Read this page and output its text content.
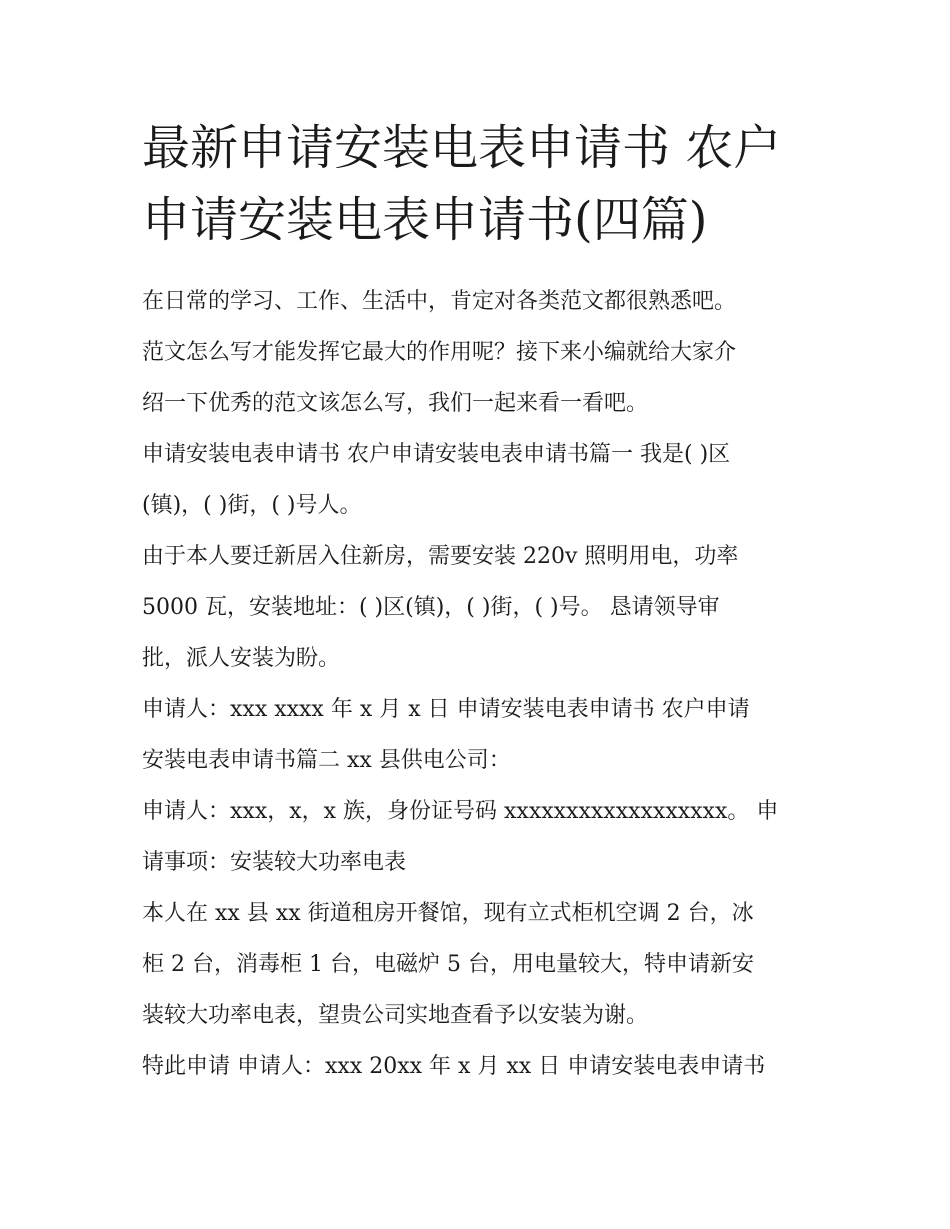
最新申请安装电表申请书 农户
申请安装电表申请书(四篇)
在日常的学习、工作、生活中，肯定对各类范文都很熟悉吧。
范文怎么写才能发挥它最大的作用呢？接下来小编就给大家介
绍一下优秀的范文该怎么写，我们一起来看一看吧。
申请安装电表申请书 农户申请安装电表申请书篇一 我是( )区
(镇)，( )街，( )号人。
由于本人要迁新居入住新房，需要安装 220v 照明用电，功率
5000 瓦，安装地址：( )区(镇)，( )街，( )号。 恳请领导审
批，派人安装为盼。
申请人：xxx xxxx 年 x 月 x 日 申请安装电表申请书 农户申请
安装电表申请书篇二 xx 县供电公司：
申请人：xxx，x，x 族，身份证号码 xxxxxxxxxxxxxxxxxx。 申
请事项：安装较大功率电表
本人在 xx 县 xx 街道租房开餐馆，现有立式柜机空调 2 台，冰
柜 2 台，消毒柜 1 台，电磁炉 5 台，用电量较大，特申请新安
装较大功率电表，望贵公司实地查看予以安装为谢。
特此申请 申请人：xxx 20xx 年 x 月 xx 日 申请安装电表申请书
